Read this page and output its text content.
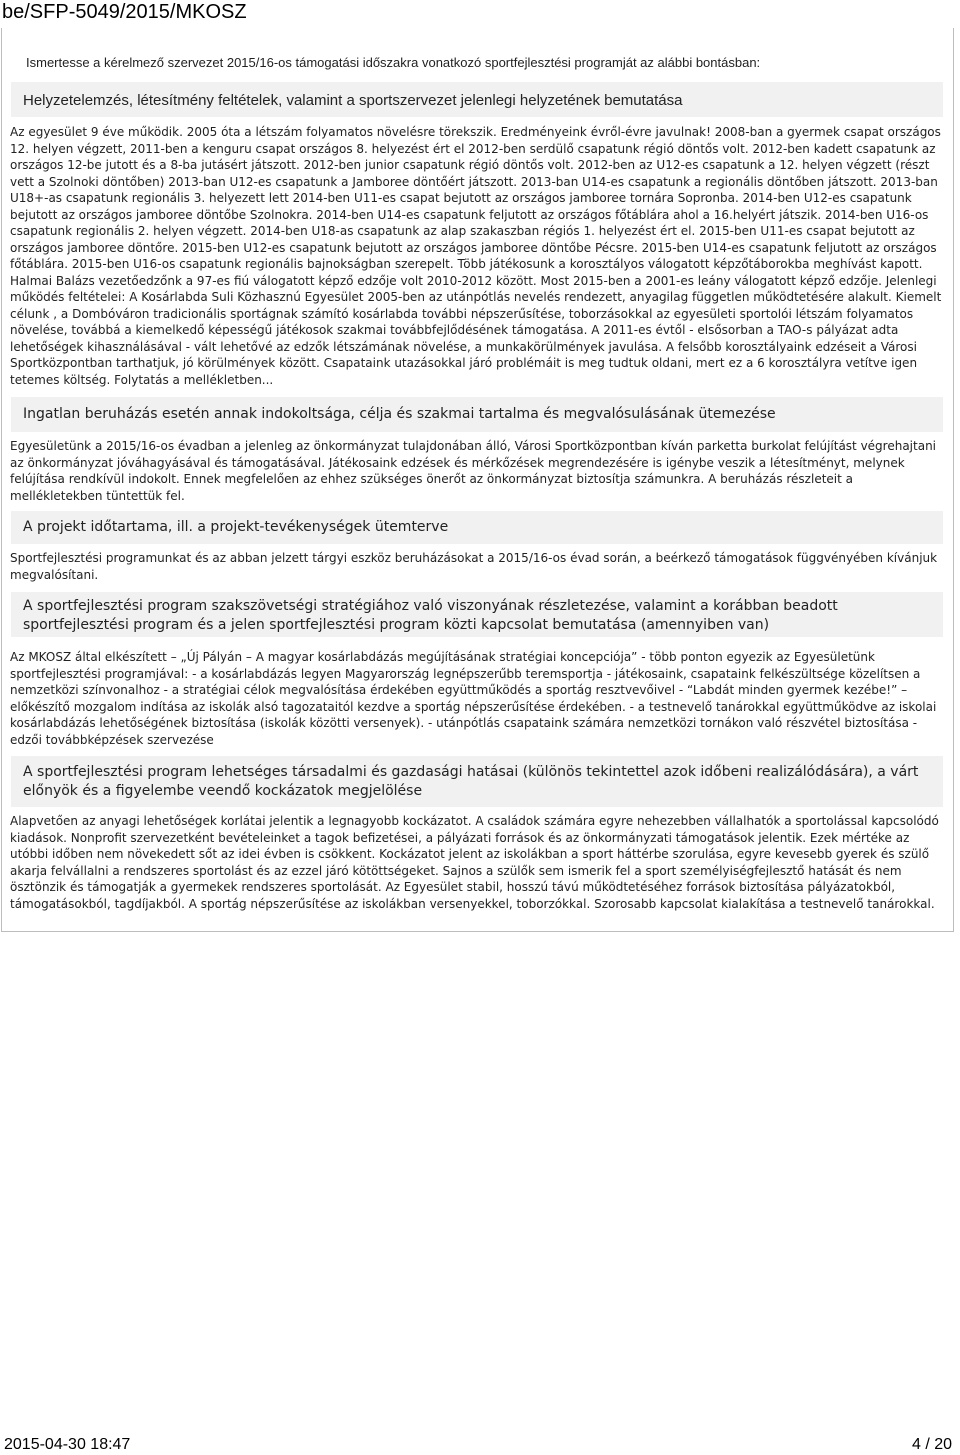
be/SFP-5049/2015/MKOSZ
Ismertesse a kérelmező szervezet 2015/16-os támogatási időszakra vonatkozó sportfejlesztési programját az alábbi bontásban:
Helyzetelemzés, létesítmény feltételek, valamint a sportszervezet jelenlegi helyzetének bemutatása
Az egyesület 9 éve működik. 2005 óta a létszám folyamatos növelésre törekszik. Eredményeink évről-évre javulnak! 2008-ban a gyermek csapat országos 12. helyen végzett, 2011-ben a kenguru csapat országos 8. helyezést ért el 2012-ben serdülő csapatunk régió döntős volt. 2012-ben kadett csapatunk az országos 12-be jutott és a 8-ba jutásért játszott. 2012-ben junior csapatunk régió döntős volt. 2012-ben az U12-es csapatunk a 12. helyen végzett (részt vett a Szolnoki döntőben) 2013-ban U12-es csapatunk a Jamboree döntőért játszott. 2013-ban U14-es csapatunk a regionális döntőben játszott. 2013-ban U18+-as csapatunk regionális 3. helyezett lett 2014-ben U11-es csapat bejutott az országos jamboree tornára Sopronba. 2014-ben U12-es csapatunk bejutott az országos jamboree döntőbe Szolnokra. 2014-ben U14-es csapatunk feljutott az országos főtáblára ahol a 16.helyért játszik. 2014-ben U16-os csapatunk regionális 2. helyen végzett. 2014-ben U18-as csapatunk az alap szakaszban régiós 1. helyezést ért el. 2015-ben U11-es csapat bejutott az országos jamboree döntőre. 2015-ben U12-es csapatunk bejutott az országos jamboree döntőbe Pécsre. 2015-ben U14-es csapatunk feljutott az országos főtáblára. 2015-ben U16-os csapatunk regionális bajnokságban szerepelt. Több játékosunk a korosztályos válogatott képzőtáborokba meghívást kapott. Halmai Balázs vezetőedzőnk a 97-es fiú válogatott képző edzője volt 2010-2012 között. Most 2015-ben a 2001-es leány válogatott képző edzője. Jelenlegi működés feltételei: A Kosárlabda Suli Közhasznú Egyesület 2005-ben az utánpótlás nevelés rendezett, anyagilag független működtetésére alakult. Kiemelt célunk , a Dombóváron tradicionális sportágnak számító kosárlabda további népszerűsítése, toborzásokkal az egyesületi sportolói létszám folyamatos növelése, továbbá a kiemelkedő képességű játékosok szakmai továbbfejlődésének támogatása. A 2011-es évtől - elsősorban a TAO-s pályázat adta lehetőségek kihasználásával - vált lehetővé az edzők létszámának növelése, a munkakörülmények javulása. A felsőbb korosztályaink edzéseit a Városi Sportközpontban tarthatjuk, jó körülmények között. Csapataink utazásokkal járó problémáit is meg tudtuk oldani, mert ez a 6 korosztályra vetítve igen tetemes költség. Folytatás a mellékletben...
Ingatlan beruházás esetén annak indokoltsága, célja és szakmai tartalma és megvalósulásának ütemezése
Egyesületünk a 2015/16-os évadban a jelenleg az önkormányzat tulajdonában álló, Városi Sportközpontban kíván parketta burkolat felújítást végrehajtani az önkormányzat jóváhagyásával és támogatásával. Játékosaink edzések és mérkőzések megrendezésére is igénybe veszik a létesítményt, melynek felújítása rendkívül indokolt. Ennek megfelelően az ehhez szükséges önerőt az önkormányzat biztosítja számunkra. A beruházás részleteit a mellékletekben tüntettük fel.
A projekt időtartama, ill. a projekt-tevékenységek ütemterve
Sportfejlesztési programunkat és az abban jelzett tárgyi eszköz beruházásokat a 2015/16-os évad során, a beérkező támogatások függvényében kívánjuk megvalósítani.
A sportfejlesztési program szakszövetségi stratégiához való viszonyának részletezése, valamint a korábban beadott sportfejlesztési program és a jelen sportfejlesztési program közti kapcsolat bemutatása (amennyiben van)
Az MKOSZ által elkészített – „Új Pályán – A magyar kosárlabdázás megújításának stratégiai koncepciója” - több ponton egyezik az Egyesületünk sportfejlesztési programjával: - a kosárlabdázás legyen Magyarország legnépszerűbb teremsportja - játékosaink, csapataink felkészültsége közelítsen a nemzetközi színvonalhoz - a stratégiai célok megvalósítása érdekében együttműködés a sportág resztvevőivel - “Labdát minden gyermek kezébe!” – előkészítő mozgalom indítása az iskolák alsó tagozataitól kezdve a sportág népszerűsítése érdekében. - a testnevelő tanárokkal együttműködve az iskolai kosárlabdázás lehetőségének biztosítása (iskolák közötti versenyek). - utánpótlás csapataink számára nemzetközi tornákon való részvétel biztosítása - edzői továbbképzések szervezése
A sportfejlesztési program lehetséges társadalmi és gazdasági hatásai (különös tekintettel azok időbeni realizálódására), a várt előnyök és a figyelembe veendő kockázatok megjelölése
Alapvetően az anyagi lehetőségek korlátai jelentik a legnagyobb kockázatot. A családok számára egyre nehezebben vállalhatók a sportolással kapcsolódó kiadások. Nonprofit szervezetként bevételeinket a tagok befizetései, a pályázati források és az önkormányzati támogatások jelentik. Ezek mértéke az utóbbi időben nem növekedett sőt az idei évben is csökkent. Kockázatot jelent az iskolákban a sport háttérbe szorulása, egyre kevesebb gyerek és szülő akarja felvállalni a rendszeres sportolást és az ezzel járó kötöttségeket. Sajnos a szülők sem ismerik fel a sport személyiségfejlesztő hatását és nem ösztönzik és támogatják a gyermekek rendszeres sportolását. Az Egyesület stabil, hosszú távú működtetéséhez források biztosítása pályázatokból, támogatásokból, tagdíjakból. A sportág népszerűsítése az iskolákban versenyekkel, toborzókkal. Szorosabb kapcsolat kialakítása a testnevelő tanárokkal.
2015-04-30 18:47	4 / 20
